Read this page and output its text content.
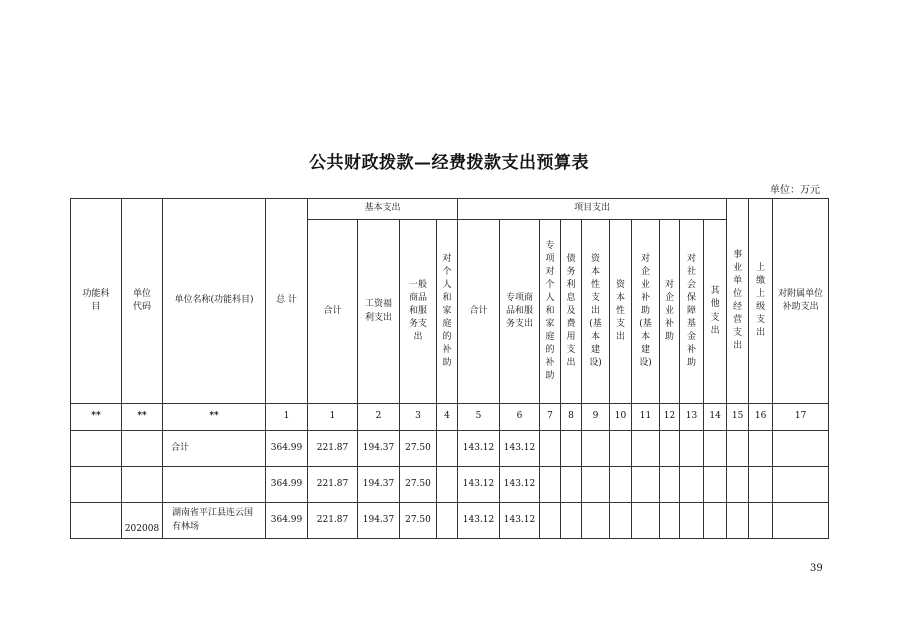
公共财政拨款—经费拨款支出预算表
单位：万元
功能科目	单位代码	单位名称(功能科目)	总 计	基本支出				项目支出										事业单位经营支出	上缴上级支出	对附属单位补助支出

				合计	工资福利支出	一般商品和服务支出	对个人和家庭的补助	合计	专项商品和服务支出	专项对个人和家庭的补助	债务利息及费用支出	资本性支出(基本建设)	资本性支出	对企业补助(基本建设)	对企业补助	对社会保障基金补助	其他支出			

**	**	**	1	1	2	3	4	5	6	7	8	9	10	11	12	13	14	15	16	17
		合计	364.99	221.87	194.37	27.50		143.12	143.12											
			364.99	221.87	194.37	27.50		143.12	143.12											
	202008	湖南省平江县连云国有林场	364.99	221.87	194.37	27.50		143.12	143.12											
39
